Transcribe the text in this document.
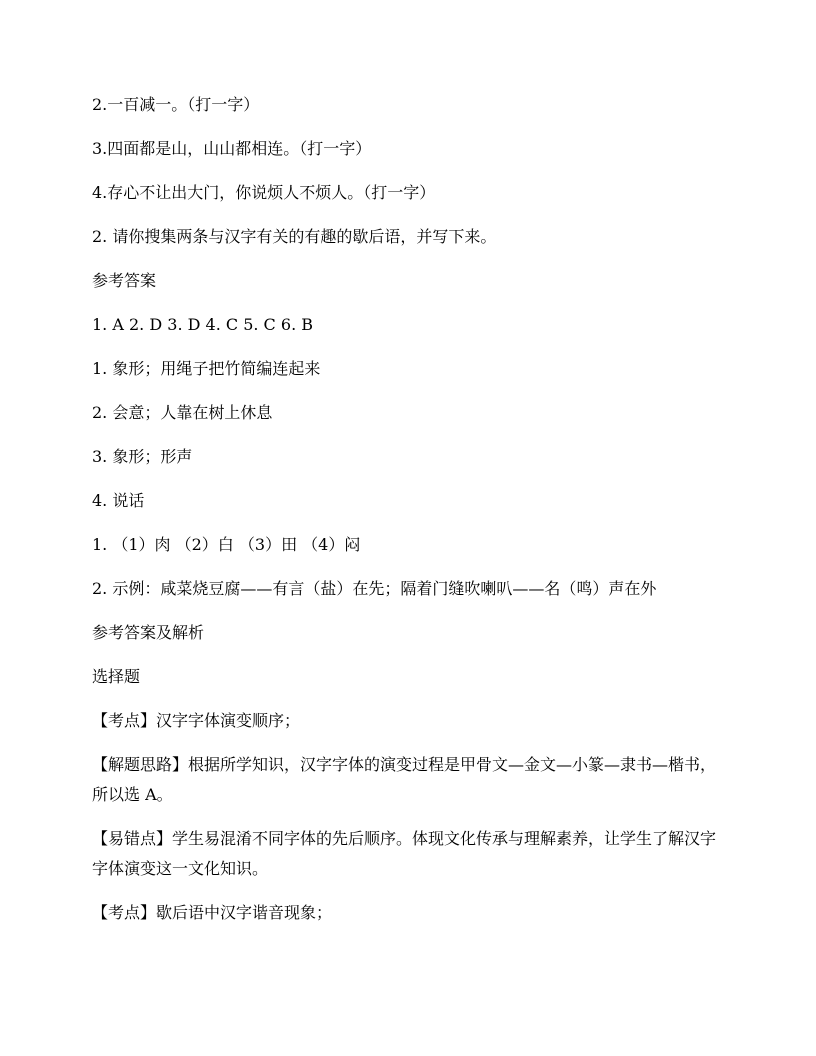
2.一百减一。（打一字）

3.四面都是山，山山都相连。（打一字）

4.存心不让出大门，你说烦人不烦人。（打一字）

2. 请你搜集两条与汉字有关的有趣的歇后语，并写下来。

参考答案

1. A 2. D 3. D 4. C 5. C 6. B

1. 象形；用绳子把竹简编连起来

2. 会意；人靠在树上休息

3. 象形；形声

4. 说话

1. （1）肉 （2）白 （3）田 （4）闷

2. 示例：咸菜烧豆腐——有言（盐）在先；隔着门缝吹喇叭——名（鸣）声在外

参考答案及解析

选择题

【考点】汉字字体演变顺序；

【解题思路】根据所学知识，汉字字体的演变过程是甲骨文—金文—小篆—隶书—楷书，所以选 A。

【易错点】学生易混淆不同字体的先后顺序。体现文化传承与理解素养，让学生了解汉字字体演变这一文化知识。

【考点】歇后语中汉字谐音现象；
